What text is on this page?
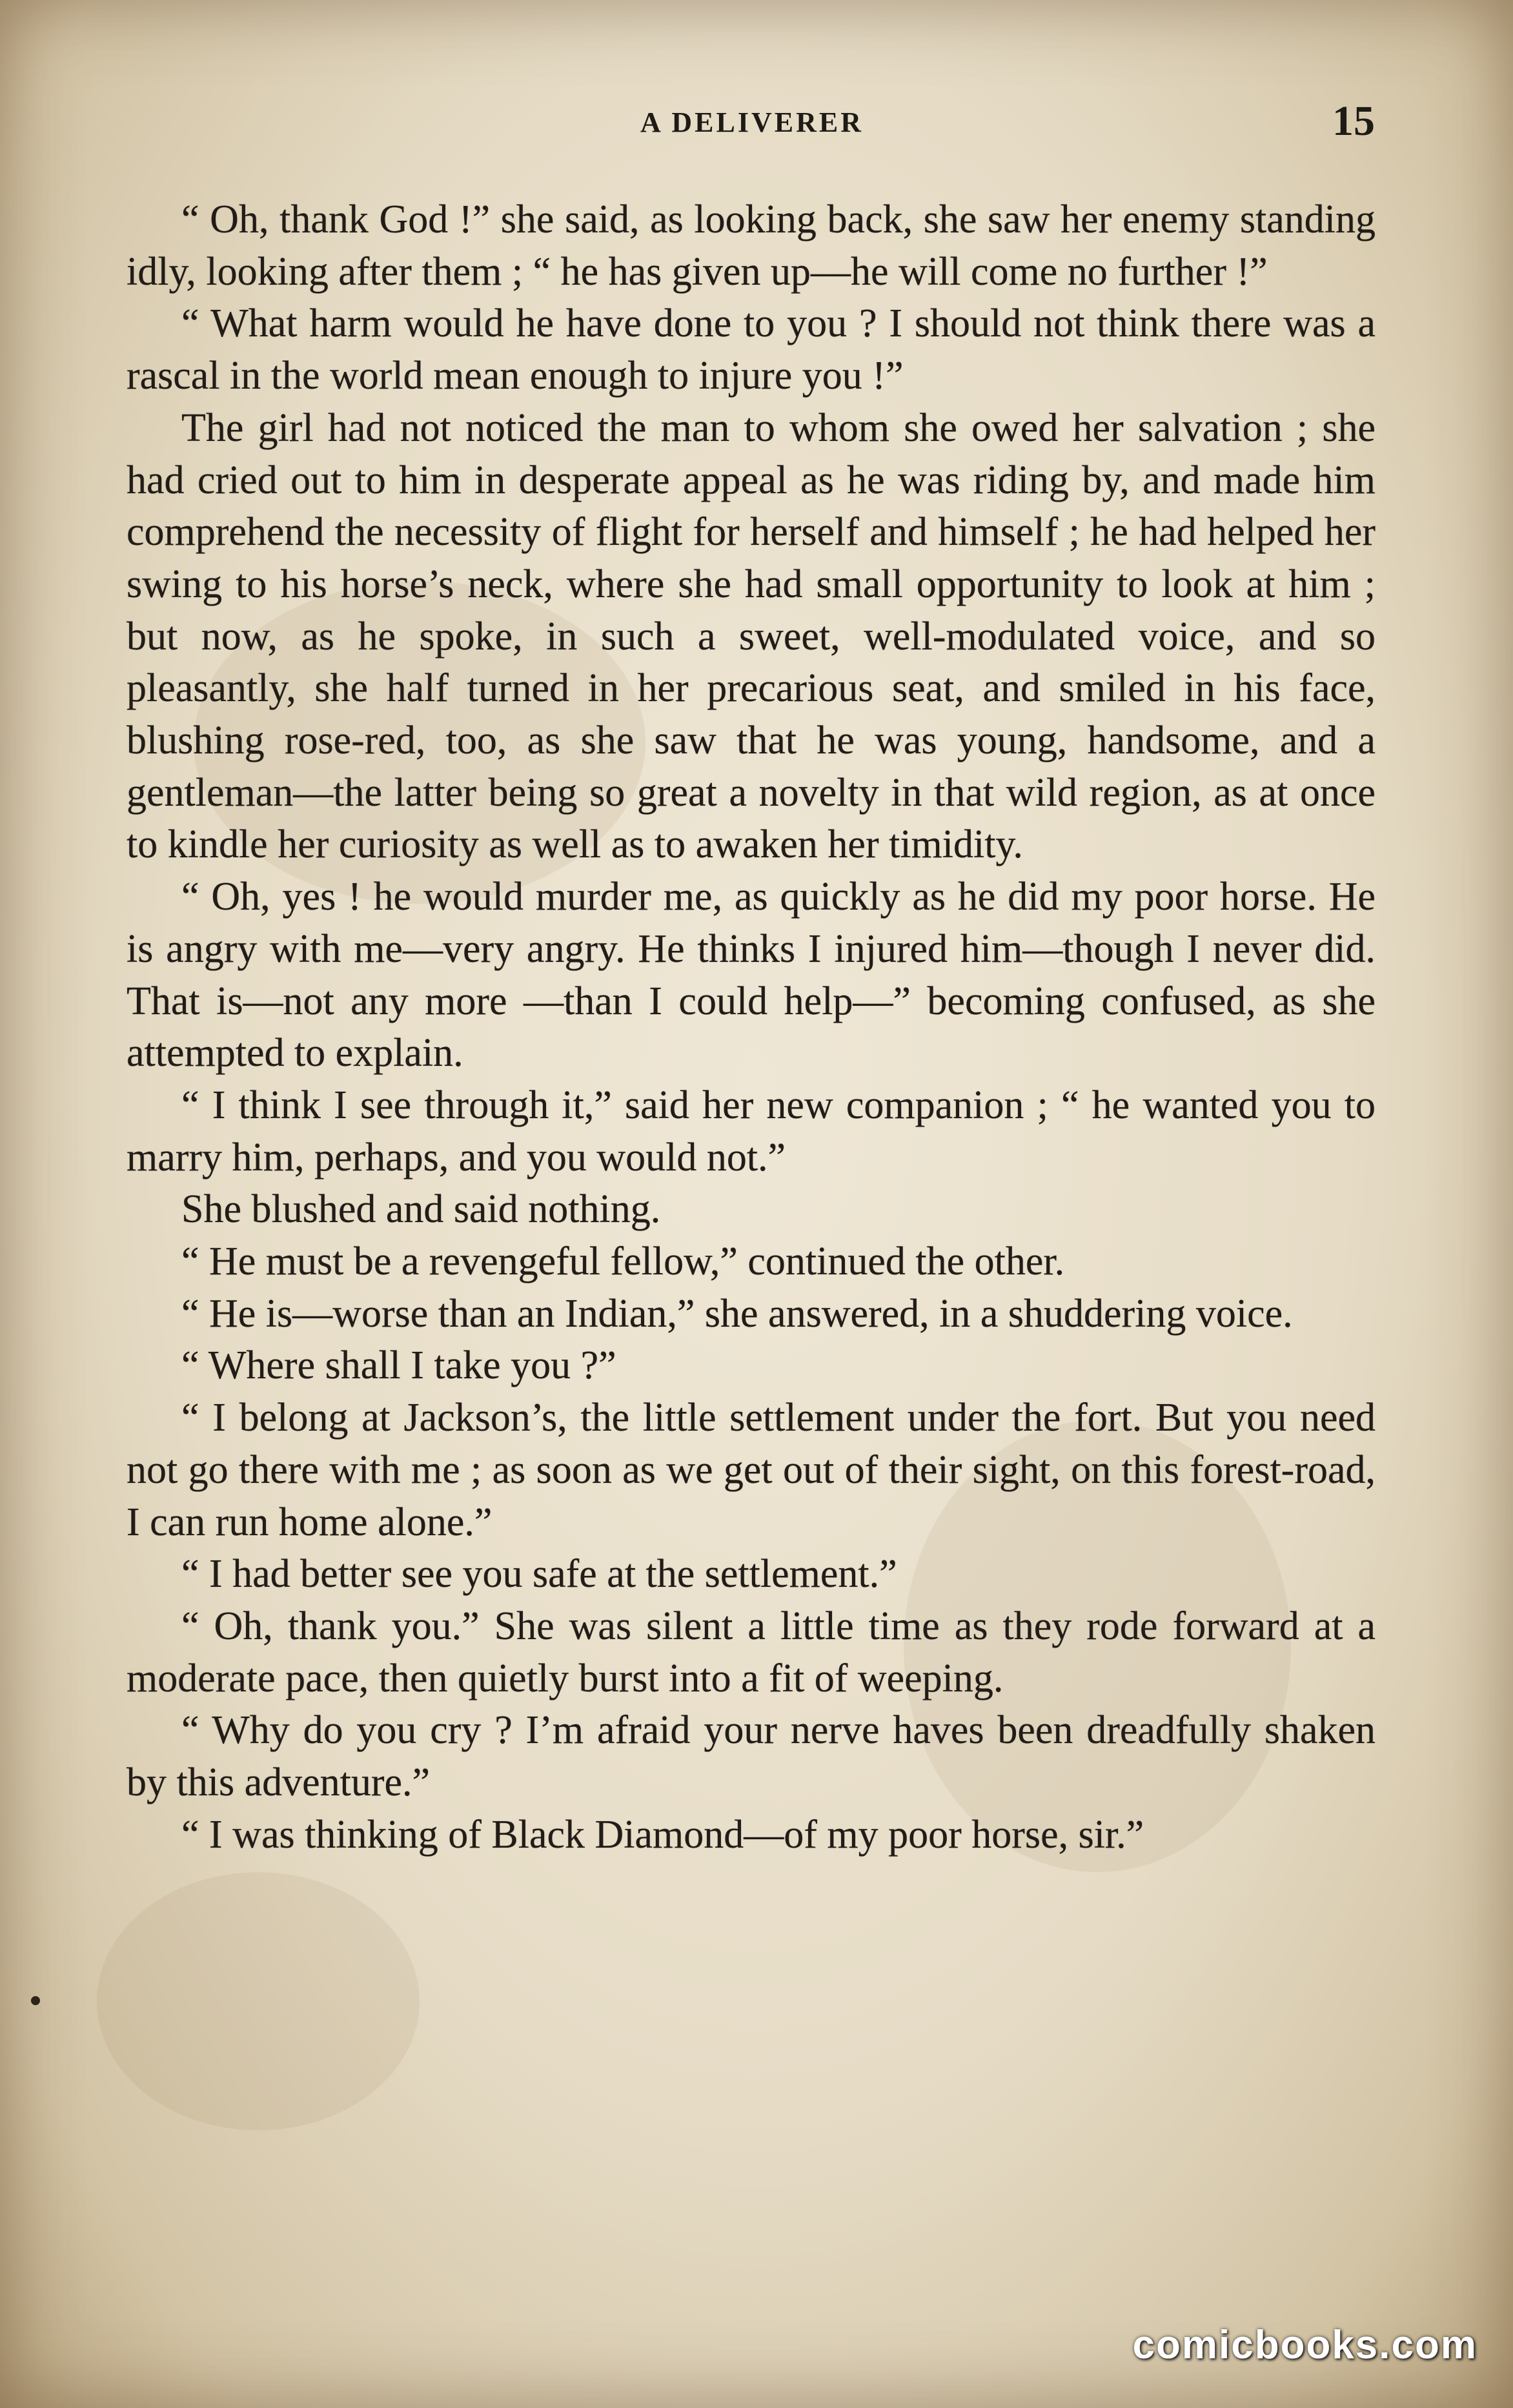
A DELIVERER	15

“ Oh, thank God !” she said, as looking back, she saw her enemy standing idly, looking after them ; “ he has given up—he will come no further !”

“ What harm would he have done to you ? I should not think there was a rascal in the world mean enough to injure you !”

The girl had not noticed the man to whom she owed her salvation ; she had cried out to him in desperate appeal as he was riding by, and made him comprehend the necessity of flight for herself and himself ; he had helped her swing to his horse’s neck, where she had small opportunity to look at him ; but now, as he spoke, in such a sweet, well-modulated voice, and so pleasantly, she half turned in her precarious seat, and smiled in his face, blushing rose-red, too, as she saw that he was young, handsome, and a gentleman—the latter being so great a novelty in that wild region, as at once to kindle her curiosity as well as to awaken her timidity.

“ Oh, yes ! he would murder me, as quickly as he did my poor horse. He is angry with me—very angry. He thinks I injured him—though I never did. That is—not any more —than I could help—” becoming confused, as she attempted to explain.

“ I think I see through it,” said her new companion ; “ he wanted you to marry him, perhaps, and you would not.”

She blushed and said nothing.

“ He must be a revengeful fellow,” continued the other.

“ He is—worse than an Indian,” she answered, in a shuddering voice.

“ Where shall I take you ?”

“ I belong at Jackson’s, the little settlement under the fort. But you need not go there with me ; as soon as we get out of their sight, on this forest-road, I can run home alone.”

“ I had better see you safe at the settlement.”

“ Oh, thank you.” She was silent a little time as they rode forward at a moderate pace, then quietly burst into a fit of weeping.

“ Why do you cry ? I’m afraid your nerve haves been dreadfully shaken by this adventure.”

“ I was thinking of Black Diamond—of my poor horse, sir.”

comicbooks.com
